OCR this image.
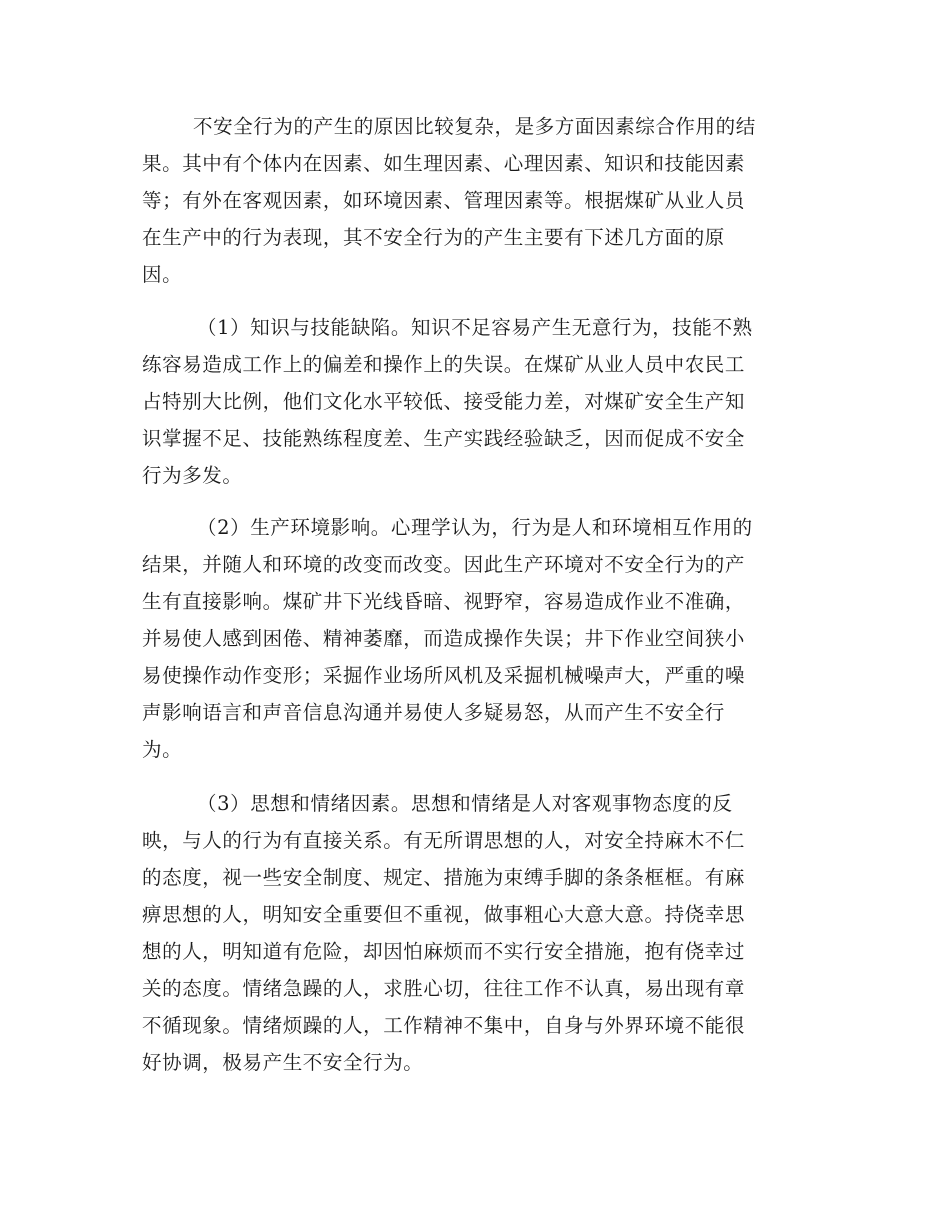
不安全行为的产生的原因比较复杂，是多方面因素综合作用的结
果。其中有个体内在因素、如生理因素、心理因素、知识和技能因素
等；有外在客观因素，如环境因素、管理因素等。根据煤矿从业人员
在生产中的行为表现，其不安全行为的产生主要有下述几方面的原
因。
（1）知识与技能缺陷。知识不足容易产生无意行为，技能不熟
练容易造成工作上的偏差和操作上的失误。在煤矿从业人员中农民工
占特别大比例，他们文化水平较低、接受能力差，对煤矿安全生产知
识掌握不足、技能熟练程度差、生产实践经验缺乏，因而促成不安全
行为多发。
（2）生产环境影响。心理学认为，行为是人和环境相互作用的
结果，并随人和环境的改变而改变。因此生产环境对不安全行为的产
生有直接影响。煤矿井下光线昏暗、视野窄，容易造成作业不准确，
并易使人感到困倦、精神萎靡，而造成操作失误；井下作业空间狭小
易使操作动作变形；采掘作业场所风机及采掘机械噪声大，严重的噪
声影响语言和声音信息沟通并易使人多疑易怒，从而产生不安全行
为。
（3）思想和情绪因素。思想和情绪是人对客观事物态度的反
映，与人的行为有直接关系。有无所谓思想的人，对安全持麻木不仁
的态度，视一些安全制度、规定、措施为束缚手脚的条条框框。有麻
痹思想的人，明知安全重要但不重视，做事粗心大意大意。持侥幸思
想的人，明知道有危险，却因怕麻烦而不实行安全措施，抱有侥幸过
关的态度。情绪急躁的人，求胜心切，往往工作不认真，易出现有章
不循现象。情绪烦躁的人，工作精神不集中，自身与外界环境不能很
好协调，极易产生不安全行为。
